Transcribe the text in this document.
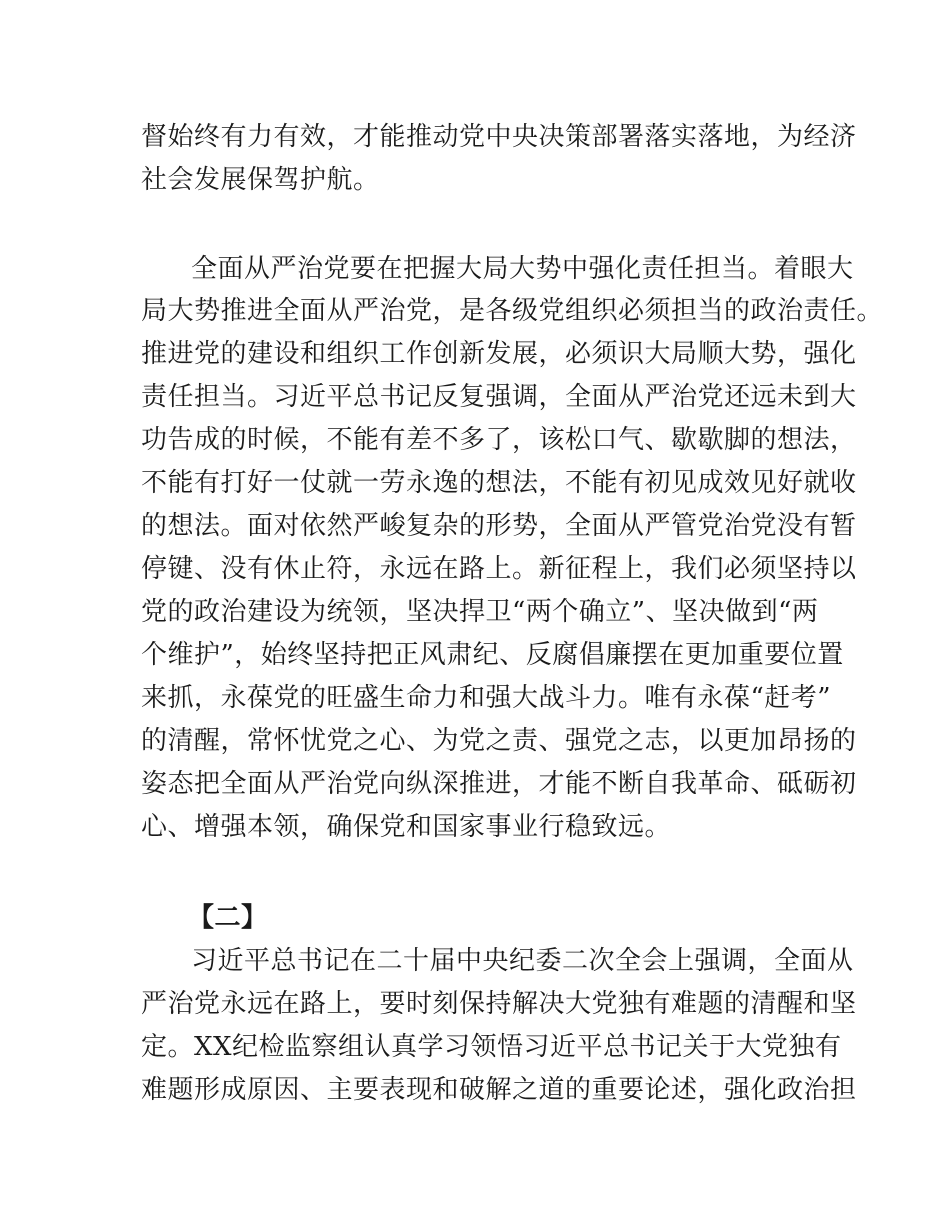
督始终有力有效，才能推动党中央决策部署落实落地，为经济
社会发展保驾护航。
全面从严治党要在把握大局大势中强化责任担当。着眼大
局大势推进全面从严治党，是各级党组织必须担当的政治责任。
推进党的建设和组织工作创新发展，必须识大局顺大势，强化
责任担当。习近平总书记反复强调，全面从严治党还远未到大
功告成的时候，不能有差不多了，该松口气、歇歇脚的想法，
不能有打好一仗就一劳永逸的想法，不能有初见成效见好就收
的想法。面对依然严峻复杂的形势，全面从严管党治党没有暂
停键、没有休止符，永远在路上。新征程上，我们必须坚持以
党的政治建设为统领，坚决捍卫“两个确立”、坚决做到“两
个维护”，始终坚持把正风肃纪、反腐倡廉摆在更加重要位置
来抓，永葆党的旺盛生命力和强大战斗力。唯有永葆“赶考”
的清醒，常怀忧党之心、为党之责、强党之志，以更加昂扬的
姿态把全面从严治党向纵深推进，才能不断自我革命、砥砺初
心、增强本领，确保党和国家事业行稳致远。
【二】
习近平总书记在二十届中央纪委二次全会上强调，全面从
严治党永远在路上，要时刻保持解决大党独有难题的清醒和坚
定。XX纪检监察组认真学习领悟习近平总书记关于大党独有
难题形成原因、主要表现和破解之道的重要论述，强化政治担
